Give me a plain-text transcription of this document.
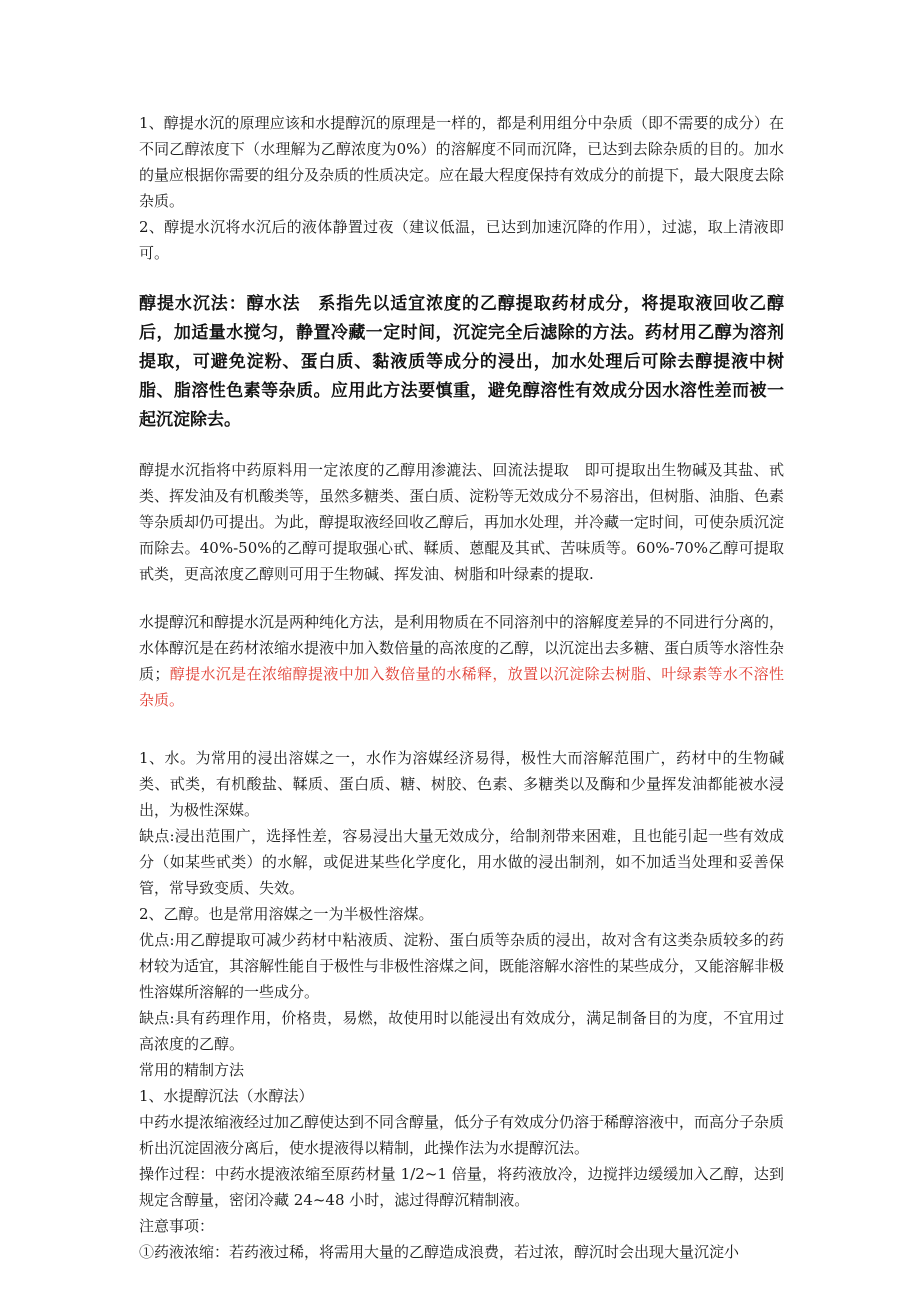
1、醇提水沉的原理应该和水提醇沉的原理是一样的，都是利用组分中杂质（即不需要的成分）在不同乙醇浓度下（水理解为乙醇浓度为0%）的溶解度不同而沉降，已达到去除杂质的目的。加水的量应根据你需要的组分及杂质的性质决定。应在最大程度保持有效成分的前提下，最大限度去除杂质。

2、醇提水沉将水沉后的液体静置过夜（建议低温，已达到加速沉降的作用），过滤，取上清液即可。

醇提水沉法：醇水法　系指先以适宜浓度的乙醇提取药材成分，将提取液回收乙醇后，加适量水搅匀，静置冷藏一定时间，沉淀完全后滤除的方法。药材用乙醇为溶剂提取，可避免淀粉、蛋白质、黏液质等成分的浸出，加水处理后可除去醇提液中树脂、脂溶性色素等杂质。应用此方法要慎重，避免醇溶性有效成分因水溶性差而被一起沉淀除去。

醇提水沉指将中药原料用一定浓度的乙醇用渗漉法、回流法提取　即可提取出生物碱及其盐、甙类、挥发油及有机酸类等，虽然多糖类、蛋白质、淀粉等无效成分不易溶出，但树脂、油脂、色素等杂质却仍可提出。为此，醇提取液经回收乙醇后，再加水处理，并冷藏一定时间，可使杂质沉淀而除去。40%-50%的乙醇可提取强心甙、鞣质、蒽醌及其甙、苦味质等。60%-70%乙醇可提取甙类，更高浓度乙醇则可用于生物碱、挥发油、树脂和叶绿素的提取.

水提醇沉和醇提水沉是两种纯化方法，是利用物质在不同溶剂中的溶解度差异的不同进行分离的，水体醇沉是在药材浓缩水提液中加入数倍量的高浓度的乙醇，以沉淀出去多糖、蛋白质等水溶性杂质；醇提水沉是在浓缩醇提液中加入数倍量的水稀释，放置以沉淀除去树脂、叶绿素等水不溶性杂质。

1、水。为常用的浸出溶媒之一，水作为溶媒经济易得，极性大而溶解范围广，药材中的生物碱类、甙类，有机酸盐、鞣质、蛋白质、糖、树胶、色素、多糖类以及酶和少量挥发油都能被水浸出，为极性深媒。

缺点:浸出范围广，选择性差，容易浸出大量无效成分，给制剂带来困难，且也能引起一些有效成分（如某些甙类）的水解，或促进某些化学度化，用水做的浸出制剂，如不加适当处理和妥善保管，常导致变质、失效。

2、乙醇。也是常用溶媒之一为半极性溶煤。

优点:用乙醇提取可减少药材中粘液质、淀粉、蛋白质等杂质的浸出，故对含有这类杂质较多的药材较为适宜，其溶解性能自于极性与非极性溶煤之间，既能溶解水溶性的某些成分，又能溶解非极性溶媒所溶解的一些成分。

缺点:具有药理作用，价格贵，易燃，故使用时以能浸出有效成分，满足制备目的为度，不宜用过高浓度的乙醇。

常用的精制方法

1、水提醇沉法（水醇法）

中药水提浓缩液经过加乙醇使达到不同含醇量，低分子有效成分仍溶于稀醇溶液中，而高分子杂质析出沉淀固液分离后，使水提液得以精制，此操作法为水提醇沉法。

操作过程：中药水提液浓缩至原药材量 1/2~1 倍量，将药液放冷，边搅拌边缓缓加入乙醇，达到规定含醇量，密闭冷藏 24~48 小时，滤过得醇沉精制液。

注意事项：

①药液浓缩：若药液过稀，将需用大量的乙醇造成浪费，若过浓，醇沉时会出现大量沉淀小
